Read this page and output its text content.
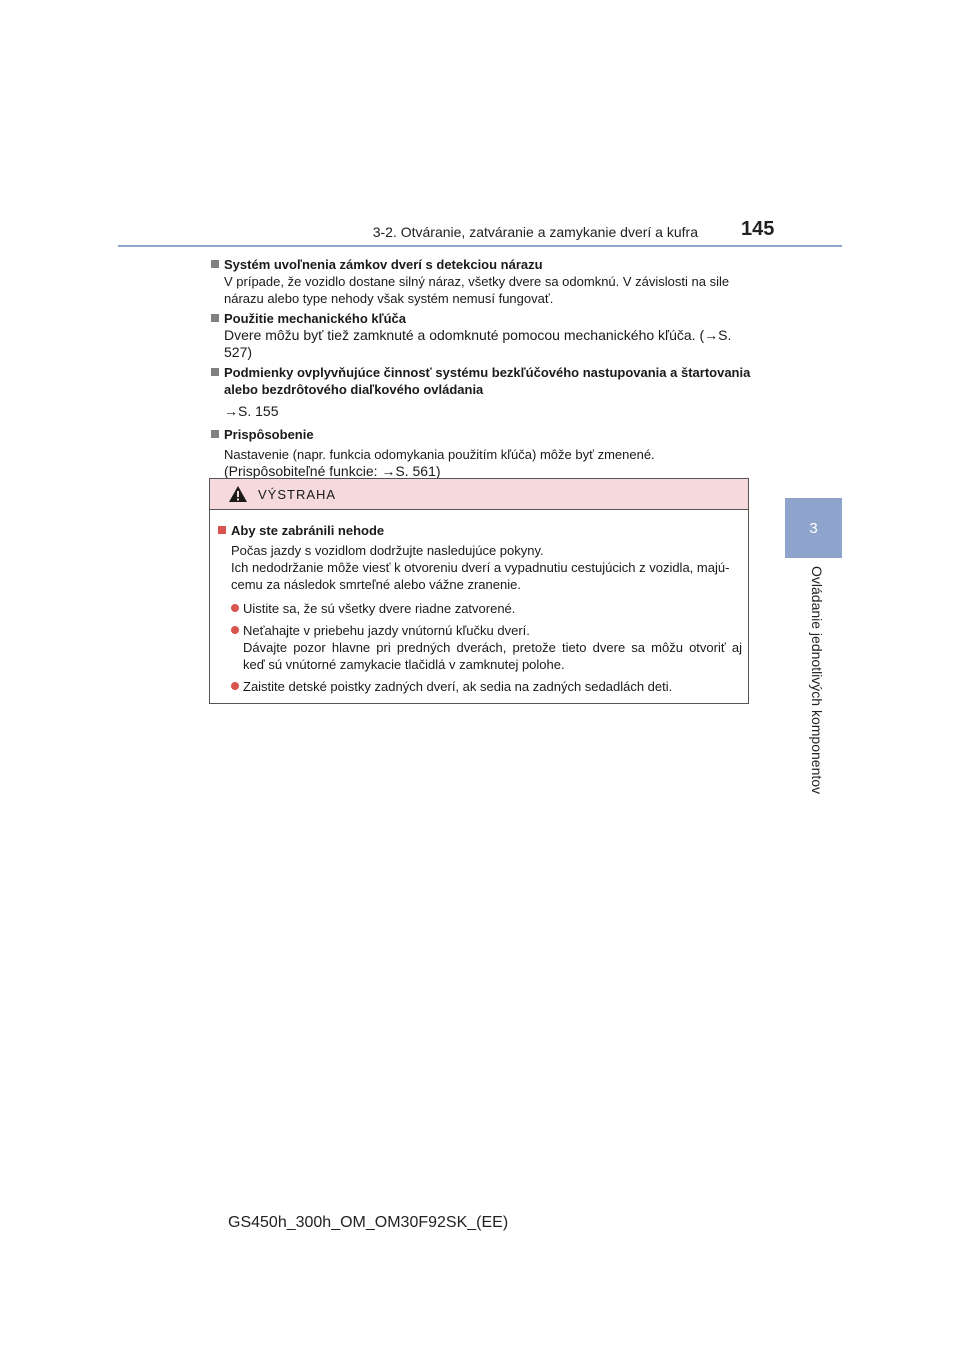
3-2. Otváranie, zatváranie a zamykanie dverí a kufra 145
3
Ovládanie jednotlivých komponentov
Systém uvoľnenia zámkov dverí s detekciou nárazu
V prípade, že vozidlo dostane silný náraz, všetky dvere sa odomknú. V závislosti na sile
nárazu alebo type nehody však systém nemusí fungovať.
Použitie mechanického kľúča
Dvere môžu byť tiež zamknuté a odomknuté pomocou mechanického kľúča. (→S. 527)
Podmienky ovplyvňujúce činnosť systému bezkľúčového nastupovania a štartovania
alebo bezdrôtového diaľkového ovládania
→S. 155
Prispôsobenie
Nastavenie (napr. funkcia odomykania použitím kľúča) môže byť zmenené.
(Prispôsobiteľné funkcie: →S. 561)
VÝSTRAHA
Aby ste zabránili nehode
Počas jazdy s vozidlom dodržujte nasledujúce pokyny.
Ich nedodržanie môže viesť k otvoreniu dverí a vypadnutiu cestujúcich z vozidla, majú-
cemu za následok smrteľné alebo vážne zranenie.
Uistite sa, že sú všetky dvere riadne zatvorené.
Neťahajte v priebehu jazdy vnútornú kľučku dverí.
Dávajte pozor hlavne pri predných dverách, pretože tieto dvere sa môžu otvoriť aj
keď sú vnútorné zamykacie tlačidlá v zamknutej polohe.
Zaistite detské poistky zadných dverí, ak sedia na zadných sedadlách deti.
GS450h_300h_OM_OM30F92SK_(EE)
